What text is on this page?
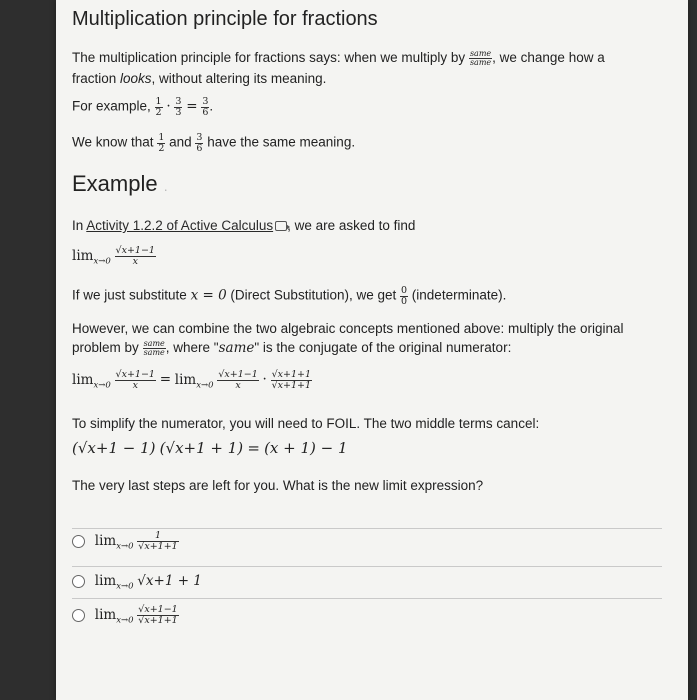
Multiplication principle for fractions
The multiplication principle for fractions says: when we multiply by $\frac{\text{same}}{\text{same}}$ , we change how a
fraction looks, without altering its meaning.
For example, $\frac{1}{2} \cdot \frac{3}{3} = \frac{3}{6}$ .
We know that $\frac{1}{2}$ and $\frac{3}{6}$ have the same meaning.
Example .
In Activity 1.2.2 of Active Calculus , we are asked to find
$\lim_{x\to 0} \frac{√x+1-1}{x}$
If we just substitute x = 0 (Direct Substitution), we get $\frac{0}{0}$ (indeterminate).
However, we can combine the two algebraic concepts mentioned above: multiply the original
problem by $\frac{\text{same}}{\text{same}}$ , where "same" is the conjugate of the original numerator:
$\lim_{x\to 0} \frac{√x+1-1}{x} = \lim_{x\to 0} \frac{√x+1-1}{x} \cdot \frac{√x+1+1}{√x+1+1}$
To simplify the numerator, you will need to FOIL. The two middle terms cancel:
(√x+1 − 1) (√x+1 + 1) = (x + 1) − 1
The very last steps are left for you. What is the new limit expression?
$\lim_{x\to 0} \frac{1}{√x+1+1}$
$\lim_{x\to 0} √x+1 + 1$
$\lim_{x\to 0} \frac{√x+1-1}{√x+1+1}$
